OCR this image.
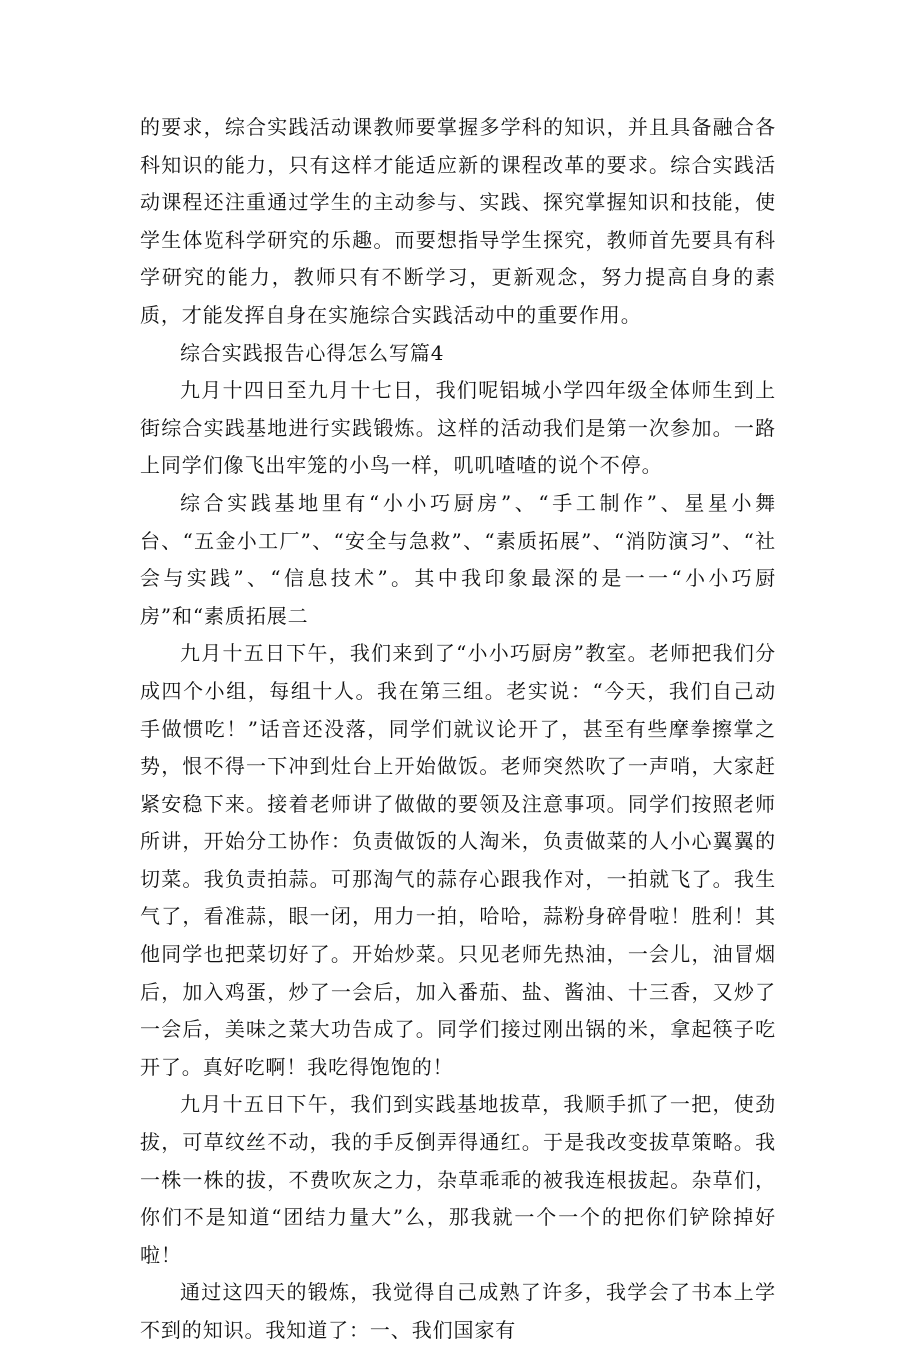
的要求，综合实践活动课教师要掌握多学科的知识，并且具备融合各科知识的能力，只有这样才能适应新的课程改革的要求。综合实践活动课程还注重通过学生的主动参与、实践、探究掌握知识和技能，使学生体览科学研究的乐趣。而要想指导学生探究，教师首先要具有科学研究的能力，教师只有不断学习，更新观念，努力提高自身的素质，才能发挥自身在实施综合实践活动中的重要作用。

综合实践报告心得怎么写篇4

九月十四日至九月十七日，我们呢铝城小学四年级全体师生到上街综合实践基地进行实践锻炼。这样的活动我们是第一次参加。一路上同学们像飞出牢笼的小鸟一样，叽叽喳喳的说个不停。

综合实践基地里有“小小巧厨房”、“手工制作”、星星小舞台、“五金小工厂”、“安全与急救”、“素质拓展”、“消防演习”、“社会与实践”、“信息技术”。其中我印象最深的是一一“小小巧厨房”和“素质拓展二

九月十五日下午，我们来到了“小小巧厨房”教室。老师把我们分成四个小组，每组十人。我在第三组。老实说：“今天，我们自己动手做惯吃！”话音还没落，同学们就议论开了，甚至有些摩拳擦掌之势，恨不得一下冲到灶台上开始做饭。老师突然吹了一声哨，大家赶紧安稳下来。接着老师讲了做做的要领及注意事项。同学们按照老师所讲，开始分工协作：负责做饭的人淘米，负责做菜的人小心翼翼的切菜。我负责拍蒜。可那淘气的蒜存心跟我作对，一拍就飞了。我生气了，看准蒜，眼一闭，用力一拍，哈哈，蒜粉身碎骨啦！胜利！其他同学也把菜切好了。开始炒菜。只见老师先热油，一会儿，油冒烟后，加入鸡蛋，炒了一会后，加入番茄、盐、酱油、十三香，又炒了一会后，美味之菜大功告成了。同学们接过刚出锅的米，拿起筷子吃开了。真好吃啊！我吃得饱饱的！

九月十五日下午，我们到实践基地拔草，我顺手抓了一把，使劲拔，可草纹丝不动，我的手反倒弄得通红。于是我改变拔草策略。我一株一株的拔，不费吹灰之力，杂草乖乖的被我连根拔起。杂草们，你们不是知道“团结力量大”么，那我就一个一个的把你们铲除掉好啦！

通过这四天的锻炼，我觉得自己成熟了许多，我学会了书本上学不到的知识。我知道了：一、我们国家有
